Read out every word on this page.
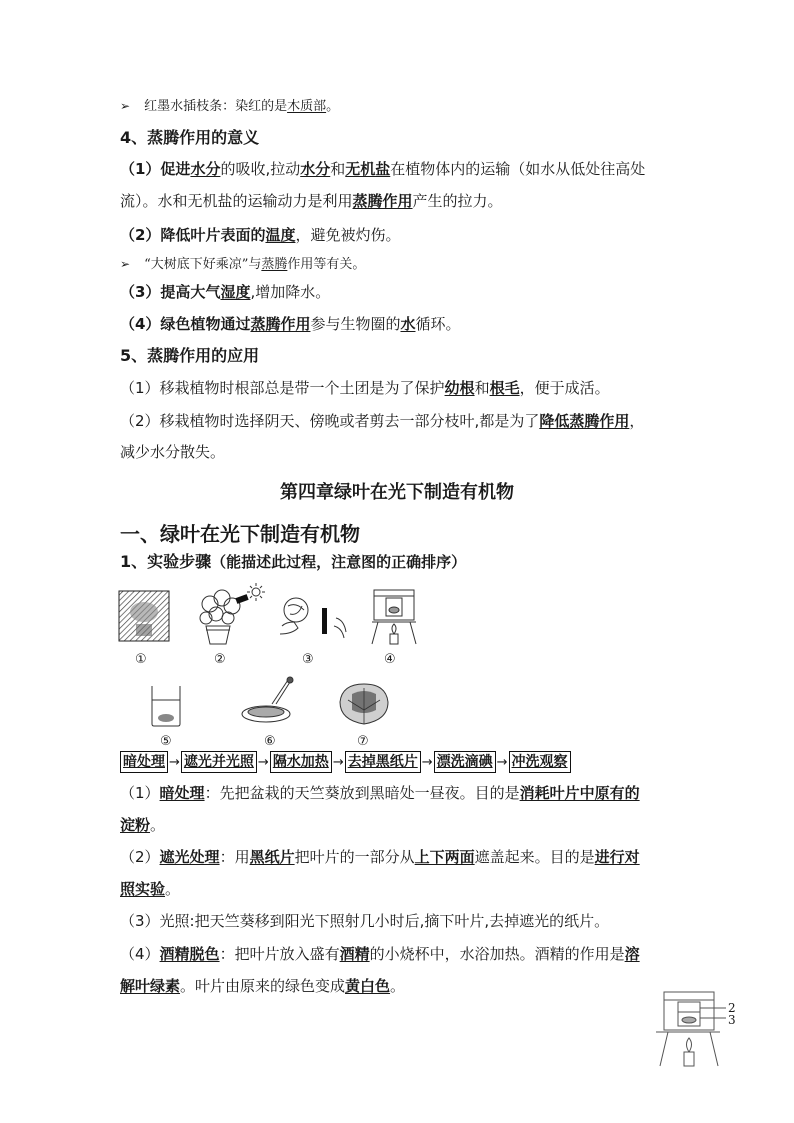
➢ 红墨水插枝条：染红的是木质部。
4、蒸腾作用的意义
（1）促进水分的吸收,拉动水分和无机盐在植物体内的运输（如水从低处往高处
流）。水和无机盐的运输动力是利用蒸腾作用产生的拉力。
（2）降低叶片表面的温度，避免被灼伤。
➢ “大树底下好乘凉”与蒸腾作用等有关。
（3）提高大气湿度,增加降水。
（4）绿色植物通过蒸腾作用参与生物圈的水循环。
5、蒸腾作用的应用
（1）移栽植物时根部总是带一个土团是为了保护幼根和根毛，便于成活。
（2）移栽植物时选择阴天、傍晚或者剪去一部分枝叶,都是为了降低蒸腾作用，
减少水分散失。
第四章绿叶在光下制造有机物
一、绿叶在光下制造有机物
1、实验步骤（能描述此过程，注意图的正确排序）
①	②	③	④
⑤	⑥	⑦
暗处理 → 遮光并光照 → 隔水加热 → 去掉黑纸片 → 漂洗滴碘 → 冲洗观察
（1）暗处理：先把盆栽的天竺葵放到黑暗处一昼夜。目的是消耗叶片中原有的
淀粉。
（2）遮光处理：用黑纸片把叶片的一部分从上下两面遮盖起来。目的是进行对
照实验。
（3）光照:把天竺葵移到阳光下照射几小时后,摘下叶片,去掉遮光的纸片。
（4）酒精脱色：把叶片放入盛有酒精的小烧杯中，水浴加热。酒精的作用是溶
解叶绿素。叶片由原来的绿色变成黄白色。
2
3
